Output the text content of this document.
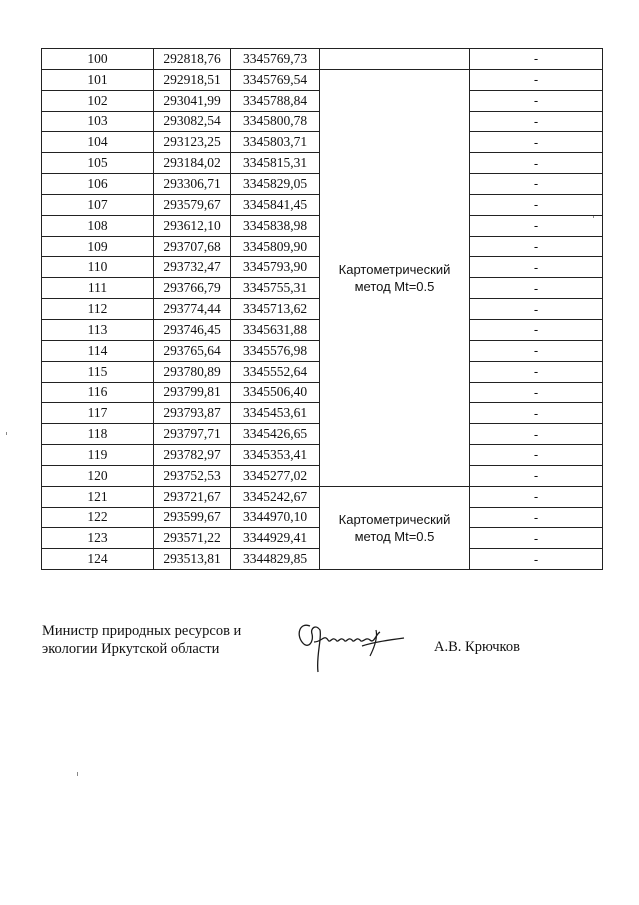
100	292818,76	3345769,73		-
101	292918,51	3345769,54	Картометрический
метод Mt=0.5	-
102	293041,99	3345788,84		-
103	293082,54	3345800,78		-
104	293123,25	3345803,71		-
105	293184,02	3345815,31		-
106	293306,71	3345829,05		-
107	293579,67	3345841,45		-
108	293612,10	3345838,98		-
109	293707,68	3345809,90		-
110	293732,47	3345793,90		-
111	293766,79	3345755,31		-
112	293774,44	3345713,62		-
113	293746,45	3345631,88		-
114	293765,64	3345576,98		-
115	293780,89	3345552,64		-
116	293799,81	3345506,40		-
117	293793,87	3345453,61		-
118	293797,71	3345426,65		-
119	293782,97	3345353,41		-
120	293752,53	3345277,02		-
121	293721,67	3345242,67	Картометрический
метод Mt=0.5	-
122	293599,67	3344970,10		-
123	293571,22	3344929,41		-
124	293513,81	3344829,85		-
Министр природных ресурсов и
экологии Иркутской области	А.В. Крючков
